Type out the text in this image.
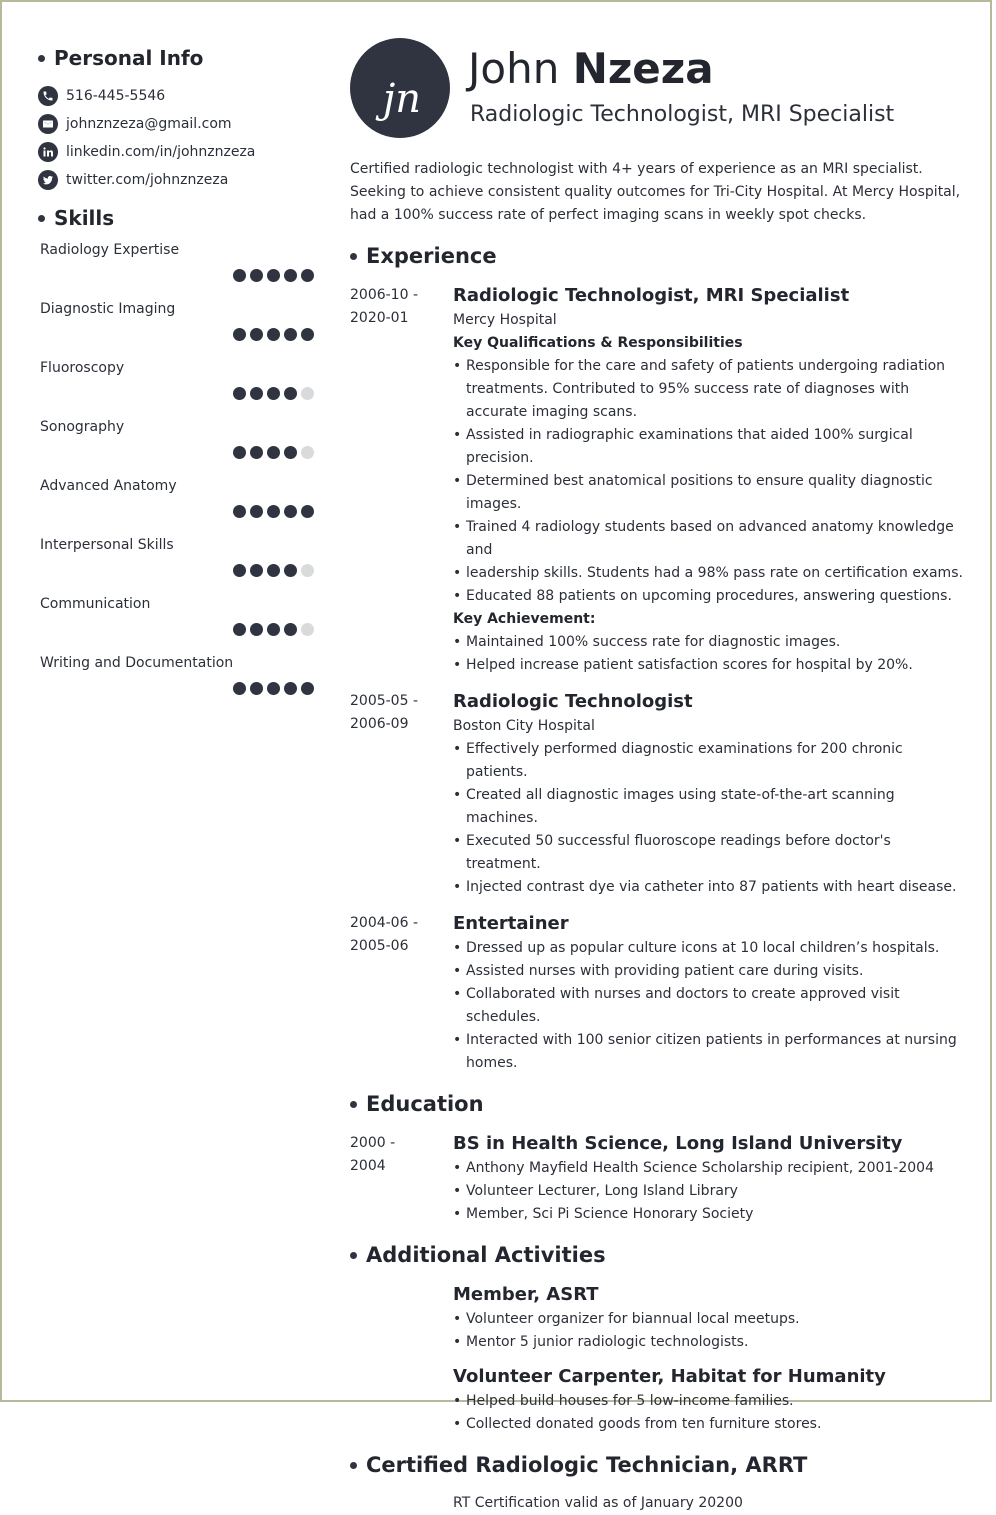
Personal Info
516-445-5546
johnznzeza@gmail.com
linkedin.com/in/johnznzeza
twitter.com/johnznzeza
Skills
Radiology Expertise
Diagnostic Imaging
Fluoroscopy
Sonography
Advanced Anatomy
Interpersonal Skills
Communication
Writing and Documentation
jn
John Nzeza
Radiologic Technologist, MRI Specialist
Certified radiologic technologist with 4+ years of experience as an MRI specialist. Seeking to achieve consistent quality outcomes for Tri-City Hospital. At Mercy Hospital, had a 100% success rate of perfect imaging scans in weekly spot checks.
Experience
2006-10 -
2020-01
Radiologic Technologist, MRI Specialist
Mercy Hospital
Key Qualifications & Responsibilities
• Responsible for the care and safety of patients undergoing radiation treatments. Contributed to 95% success rate of diagnoses with accurate imaging scans.
• Assisted in radiographic examinations that aided 100% surgical precision.
• Determined best anatomical positions to ensure quality diagnostic images.
• Trained 4 radiology students based on advanced anatomy knowledge and
• leadership skills. Students had a 98% pass rate on certification exams.
• Educated 88 patients on upcoming procedures, answering questions.
Key Achievement:
• Maintained 100% success rate for diagnostic images.
• Helped increase patient satisfaction scores for hospital by 20%.
2005-05 -
2006-09
Radiologic Technologist
Boston City Hospital
• Effectively performed diagnostic examinations for 200 chronic patients.
• Created all diagnostic images using state-of-the-art scanning machines.
• Executed 50 successful fluoroscope readings before doctor's treatment.
• Injected contrast dye via catheter into 87 patients with heart disease.
2004-06 -
2005-06
Entertainer
• Dressed up as popular culture icons at 10 local children’s hospitals.
• Assisted nurses with providing patient care during visits.
• Collaborated with nurses and doctors to create approved visit schedules.
• Interacted with 100 senior citizen patients in performances at nursing homes.
Education
2000 -
2004
BS in Health Science, Long Island University
• Anthony Mayfield Health Science Scholarship recipient, 2001-2004
• Volunteer Lecturer, Long Island Library
• Member, Sci Pi Science Honorary Society
Additional Activities
Member, ASRT
• Volunteer organizer for biannual local meetups.
• Mentor 5 junior radiologic technologists.
Volunteer Carpenter, Habitat for Humanity
• Helped build houses for 5 low-income families.
• Collected donated goods from ten furniture stores.
Certified Radiologic Technician, ARRT
RT Certification valid as of January 20200
